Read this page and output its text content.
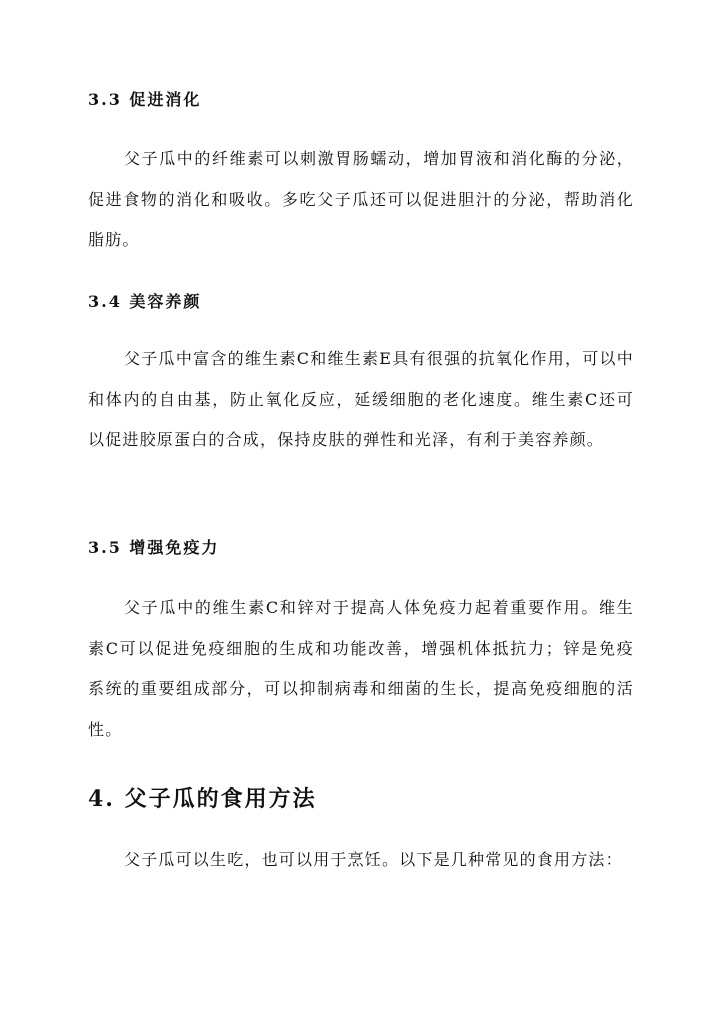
3.3 促进消化

父子瓜中的纤维素可以刺激胃肠蠕动，增加胃液和消化酶的分泌，促进食物的消化和吸收。多吃父子瓜还可以促进胆汁的分泌，帮助消化脂肪。

3.4 美容养颜

父子瓜中富含的维生素C和维生素E具有很强的抗氧化作用，可以中和体内的自由基，防止氧化反应，延缓细胞的老化速度。维生素C还可以促进胶原蛋白的合成，保持皮肤的弹性和光泽，有利于美容养颜。

3.5 增强免疫力

父子瓜中的维生素C和锌对于提高人体免疫力起着重要作用。维生素C可以促进免疫细胞的生成和功能改善，增强机体抵抗力；锌是免疫系统的重要组成部分，可以抑制病毒和细菌的生长，提高免疫细胞的活性。

4. 父子瓜的食用方法

父子瓜可以生吃，也可以用于烹饪。以下是几种常见的食用方法：
